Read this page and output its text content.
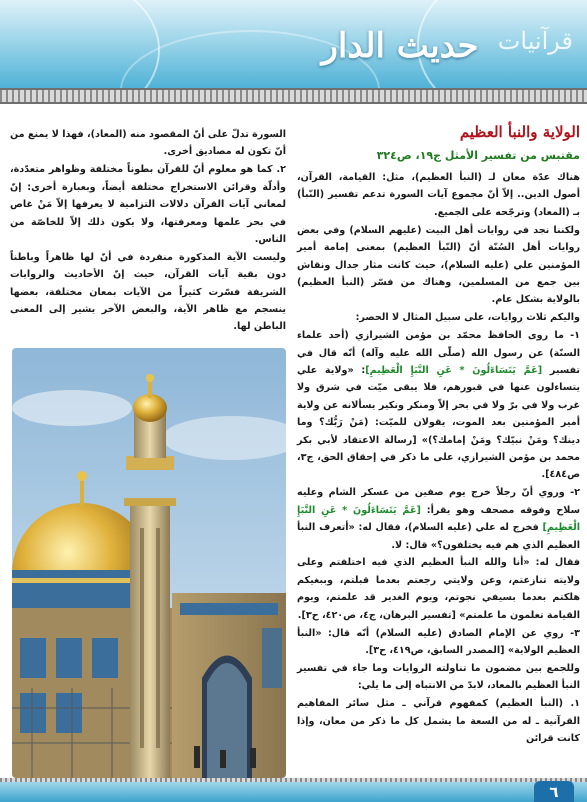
حديث الدار قرآنيات
الولاية والنبأ العظيم
مقتبس من تفسير الأمثل ج١٩، ص٣٢٤

هناك عدّة معان لـ (النبأ العظيم)، مثل: القيامة، القرآن، أصول الدين.. إلاّ أنّ مجموع آيات السورة تدعم تفسير (النّبأ) بـ (المعاد) وترجّحه على الجميع.

ولكننا نجد في روايات أهل البيت (عليهم السلام) وفي بعض روايات أهل السُنّة أنّ (النّبأ العظيم) بمعنى إمامة أمير المؤمنين علي (عليه السلام)، حيث كانت مثار جدال ونقاش بين جمع من المسلمين، وهناك من فسّر (النبأ العظيم) بالولاية بشكل عام.

واليكم ثلاث روايات، على سبيل المثال لا الحصر:

١- ما روى الحافظ محمّد بن مؤمن الشيرازي (أحد علماء السنّة) عن رسول الله (صلّى الله عليه وآله) أنّه قال في تفسير [عَمَّ يَتَسَاءَلُونَ * عَنِ النَّبَإِ الْعَظِيمِ]: «ولاية علي يتساءلون عنها في قبورهم، فلا يبقى ميّت في شرق ولا غرب ولا في برّ ولا في بحر إلاّ ومنكر ونكير يسألانه عن ولاية أمير المؤمنين بعد الموت، يقولان للميّت: (مَنْ رَبُّك؟ وما دينك؟ ومَنْ نبيّك؟ ومَنْ إمامك؟)» [رسالة الاعتقاد لأبي بكر محمد بن مؤمن الشيرازي، على ما ذكر في إحقاق الحق، ج٣، ص٤٨٤].

٢- وروي أنّ رجلاً خرج يوم صفين من عسكر الشام وعليه سلاح وفوقه مصحف وهو يقرأ: [عَمَّ يَتَسَاءَلُونَ * عَنِ النَّبَإِ الْعَظِيمِ] فخرج له علي (عليه السلام)، فقال له: «أتعرف النبأ العظيم الذي هم فيه يختلفون؟» قال: لا.

فقال له: «أنا والله النبأ العظيم الذي فيه اختلفتم وعلى ولايته تنازعتم، وعن ولايتي رجعتم بعدما قبلتم، وببغيكم هلكتم بعدما بسيفي نجوتم، ويوم الغدير قد علمتم، ويوم القيامة تعلمون ما علمتم» [تفسير البرهان، ج٤، ص٤٢٠، ح٣].

٣- روي عن الإمام الصادق (عليه السلام) أنّه قال: «النبأ العظيم الولاية» [المصدر السابق، ص٤١٩، ح٣].

وللجمع بين مضمون ما تناولته الروايات وما جاء في تفسير النبأ العظيم بالمعاد، لابدّ من الانتباه إلى ما يلي:

١. (النبأ العظيم) كمفهوم قرآني ـ مثل سائر المفاهيم القرآنية ـ له من السعة ما يشمل كل ما ذكر من معان، وإذا كانت قرائن

السورة تدلّ على أنّ المقصود منه (المعاد)، فهذا لا يمنع من أنّ تكون له مصاديق أخرى.

٢. كما هو معلوم أنّ للقرآن بطوناً مختلفة وظواهر متعدّدة، وأدلّة وقرائن الاستخراج مختلفة أيضاً، وبعبارة أخرى: إنّ لمعاني آيات القرآن دلالات التزامية لا يعرفها إلاّ مَنْ غاص في بحر علمها ومعرفتها، ولا يكون ذلك إلاّ للخاصّة من الناس.

وليست الآية المذكورة منفردة في أنّ لها ظاهراً وباطناً دون بقية آيات القرآن، حيث إنّ الأحاديث والروايات الشريفة فسّرت كثيراً من الآيات بمعان مختلفة، بعضها ينسجم مع ظاهر الآية، والبعض الآخر يشير إلى المعنى الباطن لها.

٦
